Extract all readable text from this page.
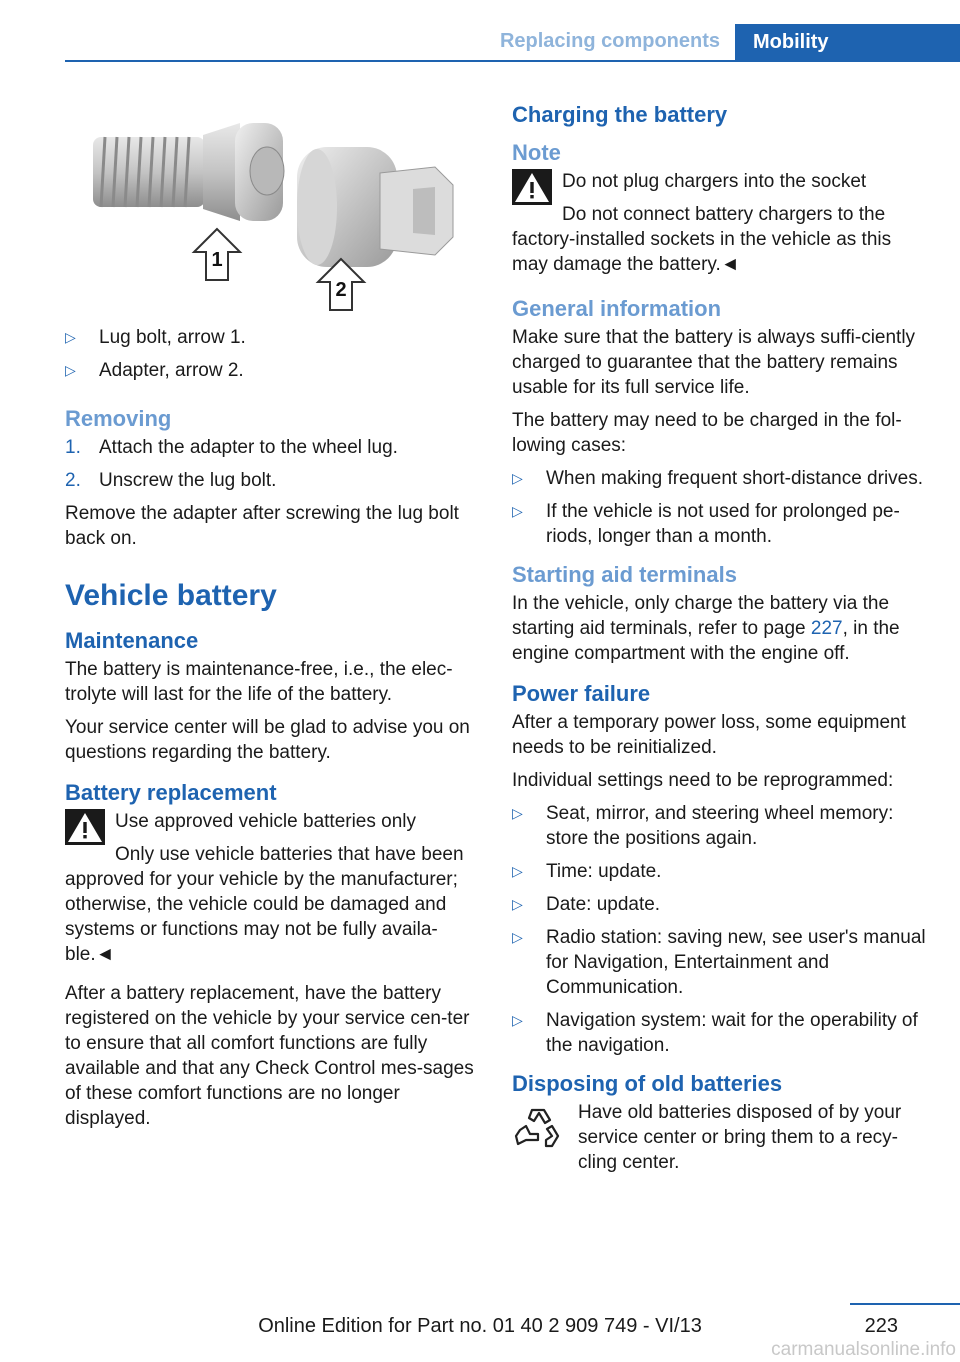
Replacing components	Mobility
1
2
▷ Lug bolt, arrow 1.
▷ Adapter, arrow 2.
Removing
1. Attach the adapter to the wheel lug.
2. Unscrew the lug bolt.

Remove the adapter after screwing the lug bolt back on.

Vehicle battery
Maintenance

The battery is maintenance-free, i.e., the elec-trolyte will last for the life of the battery.

Your service center will be glad to advise you on questions regarding the battery.

Battery replacement
Use approved vehicle batteries only
Only use vehicle batteries that have been
approved for your vehicle by the manufacturer; otherwise, the vehicle could be damaged and systems or functions may not be fully availa-ble.◄

After a battery replacement, have the battery registered on the vehicle by your service cen-ter to ensure that all comfort functions are fully available and that any Check Control mes-sages of these comfort functions are no longer displayed.

Charging the battery
Note
Do not plug chargers into the socket
Do not connect battery chargers to the
factory-installed sockets in the vehicle as this may damage the battery.◄
General information

Make sure that the battery is always suffi-ciently charged to guarantee that the battery remains usable for its full service life.

The battery may need to be charged in the fol-lowing cases:

▷ When making frequent short-distance drives.
▷ If the vehicle is not used for prolonged pe-riods, longer than a month.
Starting aid terminals

In the vehicle, only charge the battery via the starting aid terminals, refer to page 227, in the engine compartment with the engine off.

Power failure

After a temporary power loss, some equipment needs to be reinitialized.

Individual settings need to be reprogrammed:

▷ Seat, mirror, and steering wheel memory: store the positions again.
▷ Time: update.
▷ Date: update.
▷ Radio station: saving new, see user's manual for Navigation, Entertainment and Communication.
▷ Navigation system: wait for the operability of the navigation.
Disposing of old batteries

Have old batteries disposed of by your service center or bring them to a recy-cling center.

223
Online Edition for Part no. 01 40 2 909 749 - VI/13
carmanualsonline.info
